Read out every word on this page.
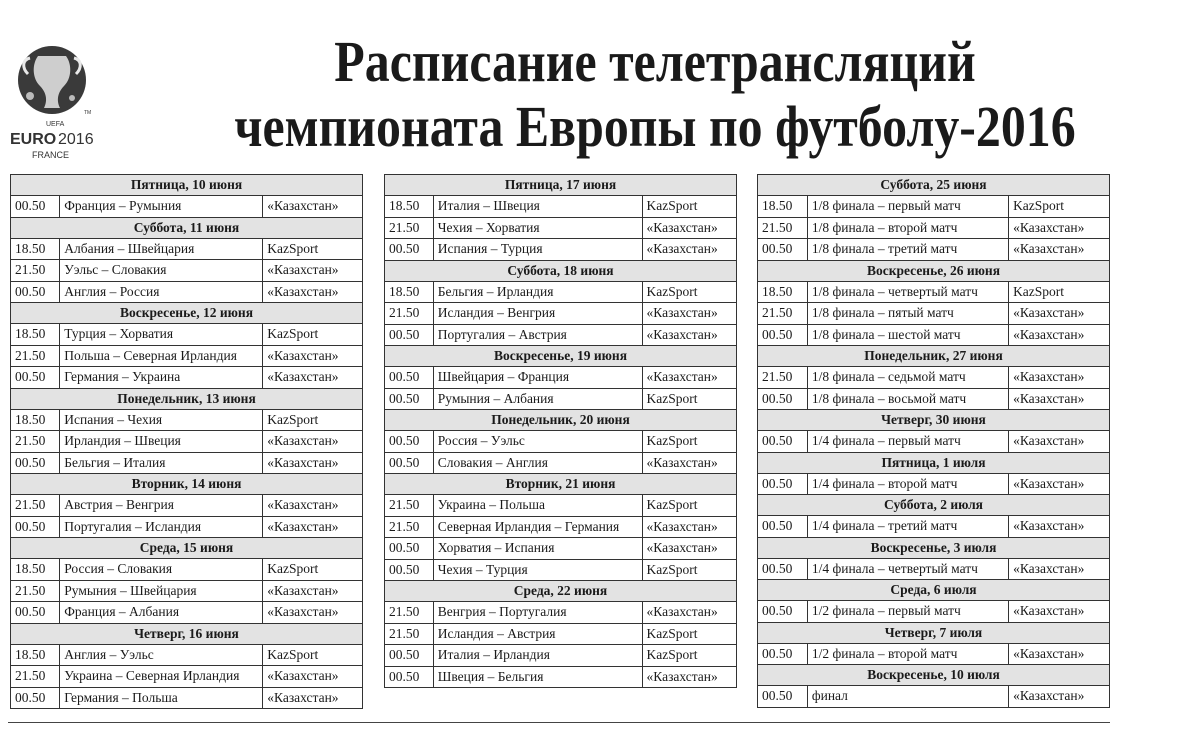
TM
UEFA
EURO 2016
FRANCE
Расписание телетрансляций
чемпионата Европы по футболу-2016
Пятница, 10 июня		
00.50	Франция – Румыния	«Казахстан»
Суббота, 11 июня		
18.50	Албания – Швейцария	KazSport
21.50	Уэльс – Словакия	«Казахстан»
00.50	Англия – Россия	«Казахстан»
Воскресенье, 12 июня		
18.50	Турция – Хорватия	KazSport
21.50	Польша – Северная Ирландия	«Казахстан»
00.50	Германия – Украина	«Казахстан»
Понедельник, 13 июня		
18.50	Испания – Чехия	KazSport
21.50	Ирландия – Швеция	«Казахстан»
00.50	Бельгия – Италия	«Казахстан»
Вторник, 14 июня		
21.50	Австрия – Венгрия	«Казахстан»
00.50	Португалия – Исландия	«Казахстан»
Среда, 15 июня		
18.50	Россия – Словакия	KazSport
21.50	Румыния – Швейцария	«Казахстан»
00.50	Франция – Албания	«Казахстан»
Четверг, 16 июня		
18.50	Англия – Уэльс	KazSport
21.50	Украина – Северная Ирландия	«Казахстан»
00.50	Германия – Польша	«Казахстан»
Пятница, 17 июня		
18.50	Италия – Швеция	KazSport
21.50	Чехия – Хорватия	«Казахстан»
00.50	Испания – Турция	«Казахстан»
Суббота, 18 июня		
18.50	Бельгия – Ирландия	KazSport
21.50	Исландия – Венгрия	«Казахстан»
00.50	Португалия – Австрия	«Казахстан»
Воскресенье, 19 июня		
00.50	Швейцария – Франция	«Казахстан»
00.50	Румыния – Албания	KazSport
Понедельник, 20 июня		
00.50	Россия – Уэльс	KazSport
00.50	Словакия – Англия	«Казахстан»
Вторник, 21 июня		
21.50	Украина – Польша	KazSport
21.50	Северная Ирландия – Германия	«Казахстан»
00.50	Хорватия – Испания	«Казахстан»
00.50	Чехия – Турция	KazSport
Среда, 22 июня		
21.50	Венгрия – Португалия	«Казахстан»
21.50	Исландия – Австрия	KazSport
00.50	Италия – Ирландия	KazSport
00.50	Швеция – Бельгия	«Казахстан»
Суббота, 25 июня		
18.50	1/8 финала – первый матч	KazSport
21.50	1/8 финала – второй матч	«Казахстан»
00.50	1/8 финала – третий матч	«Казахстан»
Воскресенье, 26 июня		
18.50	1/8 финала – четвертый матч	KazSport
21.50	1/8 финала – пятый матч	«Казахстан»
00.50	1/8 финала – шестой матч	«Казахстан»
Понедельник, 27 июня		
21.50	1/8 финала – седьмой матч	«Казахстан»
00.50	1/8 финала – восьмой матч	«Казахстан»
Четверг, 30 июня		
00.50	1/4 финала – первый матч	«Казахстан»
Пятница, 1 июля		
00.50	1/4 финала – второй матч	«Казахстан»
Суббота, 2 июля		
00.50	1/4 финала – третий матч	«Казахстан»
Воскресенье, 3 июля		
00.50	1/4 финала – четвертый матч	«Казахстан»
Среда, 6 июля		
00.50	1/2 финала – первый матч	«Казахстан»
Четверг, 7 июля		
00.50	1/2 финала – второй матч	«Казахстан»
Воскресенье, 10 июля		
00.50	финал	«Казахстан»
